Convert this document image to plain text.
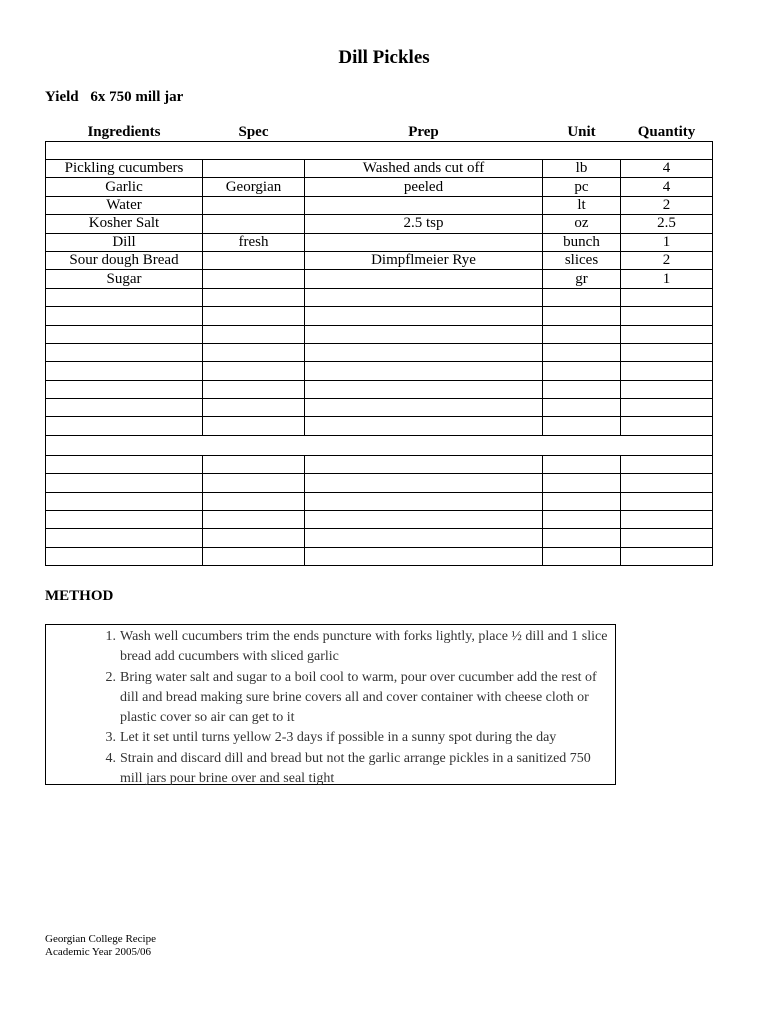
Dill Pickles
Yield 6x 750 mill jar
Ingredients	Spec	Prep	Unit	Quantity

Pickling cucumbers		Washed ands cut off	lb	4
Garlic	Georgian	peeled	pc	4
Water			lt	2
Kosher Salt		2.5 tsp	oz	2.5
Dill	fresh		bunch	1
Sour dough Bread		Dimpflmeier Rye	slices	2
Sugar			gr	1

METHOD
1. Wash well cucumbers trim the ends puncture with forks lightly, place ½ dill and 1 slice bread add cucumbers with sliced garlic
2. Bring water salt and sugar to a boil cool to warm, pour over cucumber add the rest of dill and bread making sure brine covers all and cover container with cheese cloth or plastic cover so air can get to it
3. Let it set until turns yellow 2-3 days if possible in a sunny spot during the day
4. Strain and discard dill and bread but not the garlic arrange pickles in a sanitized 750 mill jars pour brine over and seal tight
Georgian College Recipe
Academic Year 2005/06
